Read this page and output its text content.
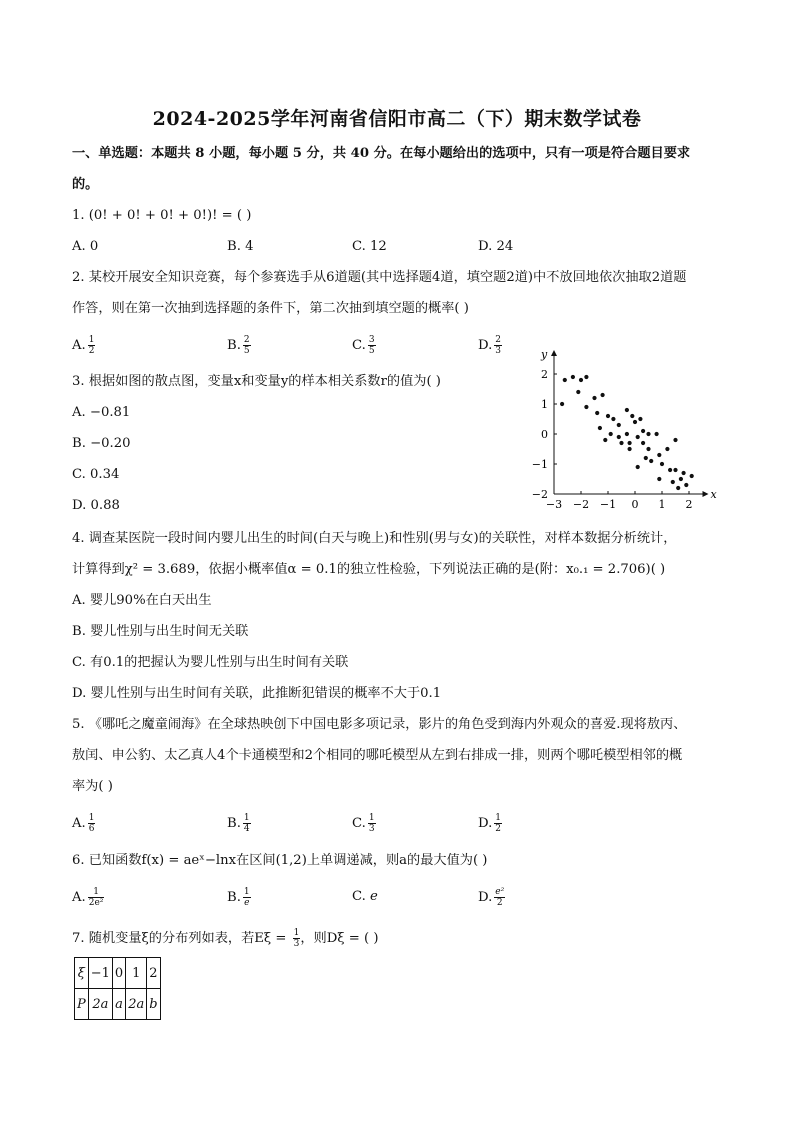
2024-2025学年河南省信阳市高二（下）期末数学试卷
一、单选题：本题共 8 小题，每小题 5 分，共 40 分。在每小题给出的选项中，只有一项是符合题目要求
的。
1. (0! + 0! + 0! + 0!)! = ( )
A. 0	B. 4	C. 12	D. 24
2. 某校开展安全知识竞赛，每个参赛选手从6道题(其中选择题4道，填空题2道)中不放回地依次抽取2道题
作答，则在第一次抽到选择题的条件下，第二次抽到填空题的概率( )
A. $\frac{1}{2}$	B. $\frac{2}{5}$	C. $\frac{3}{5}$	D. $\frac{2}{3}$
3. 根据如图的散点图，变量x和变量y的样本相关系数r的值为( )
A. −0.81
B. −0.20
C. 0.34
D. 0.88
x
y
−3 −2 −1 0 1 2
2
1
0
−1
−2
4. 调查某医院一段时间内婴儿出生的时间(白天与晚上)和性别(男与女)的关联性，对样本数据分析统计，
计算得到χ² = 3.689，依据小概率值α = 0.1的独立性检验，下列说法正确的是(附：x₀.₁ = 2.706)( )
A. 婴儿90%在白天出生
B. 婴儿性别与出生时间无关联
C. 有0.1的把握认为婴儿性别与出生时间有关联
D. 婴儿性别与出生时间有关联，此推断犯错误的概率不大于0.1
5. 《哪吒之魔童闹海》在全球热映创下中国电影多项记录，影片的角色受到海内外观众的喜爱.现将敖丙、
敖闰、申公豹、太乙真人4个卡通模型和2个相同的哪吒模型从左到右排成一排，则两个哪吒模型相邻的概
率为( )
A. $\frac{1}{6}$	B. $\frac{1}{4}$	C. $\frac{1}{3}$	D. $\frac{1}{2}$
6. 已知函数f(x) = aeˣ−lnx在区间(1,2)上单调递减，则a的最大值为( )
A. $\frac{1}{\text{2e²}}$	B. $\frac{1}{e}$	C. e	D. $\frac{\text{e²}}{2}$
7. 随机变量ξ的分布列如表，若$E\xi = \frac{1}{3}$ ，则Dξ = ( )
ξ	−1	0	1	2
P	2a	a	2a	b
